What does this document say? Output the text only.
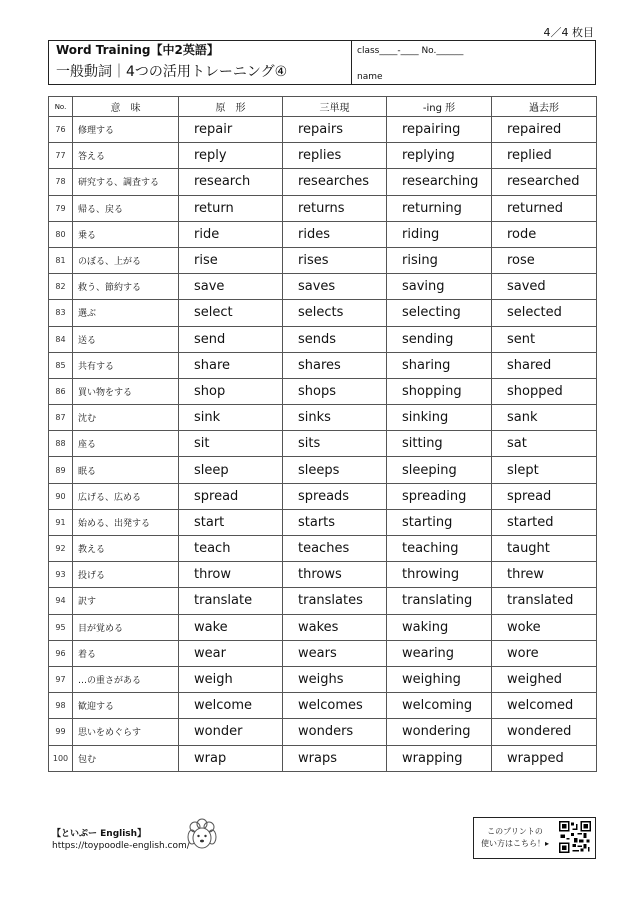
4／4 枚目
Word Training【中2英語】
一般動詞｜4つの活用トレーニング④
class____-____ No.______
name
No.	意　味	原　形	三単現	-ing 形	過去形
76	修理する	repair	repairs	repairing	repaired
77	答える	reply	replies	replying	replied
78	研究する、調査する	research	researches	researching	researched
79	帰る、戻る	return	returns	returning	returned
80	乗る	ride	rides	riding	rode
81	のぼる、上がる	rise	rises	rising	rose
82	救う、節約する	save	saves	saving	saved
83	選ぶ	select	selects	selecting	selected
84	送る	send	sends	sending	sent
85	共有する	share	shares	sharing	shared
86	買い物をする	shop	shops	shopping	shopped
87	沈む	sink	sinks	sinking	sank
88	座る	sit	sits	sitting	sat
89	眠る	sleep	sleeps	sleeping	slept
90	広げる、広める	spread	spreads	spreading	spread
91	始める、出発する	start	starts	starting	started
92	教える	teach	teaches	teaching	taught
93	投げる	throw	throws	throwing	threw
94	訳す	translate	translates	translating	translated
95	目が覚める	wake	wakes	waking	woke
96	着る	wear	wears	wearing	wore
97	…の重さがある	weigh	weighs	weighing	weighed
98	歓迎する	welcome	welcomes	welcoming	welcomed
99	思いをめぐらす	wonder	wonders	wondering	wondered
100	包む	wrap	wraps	wrapping	wrapped
【といぷー English】
https://toypoodle-english.com/
このプリントの
使い方はこちら！▸
